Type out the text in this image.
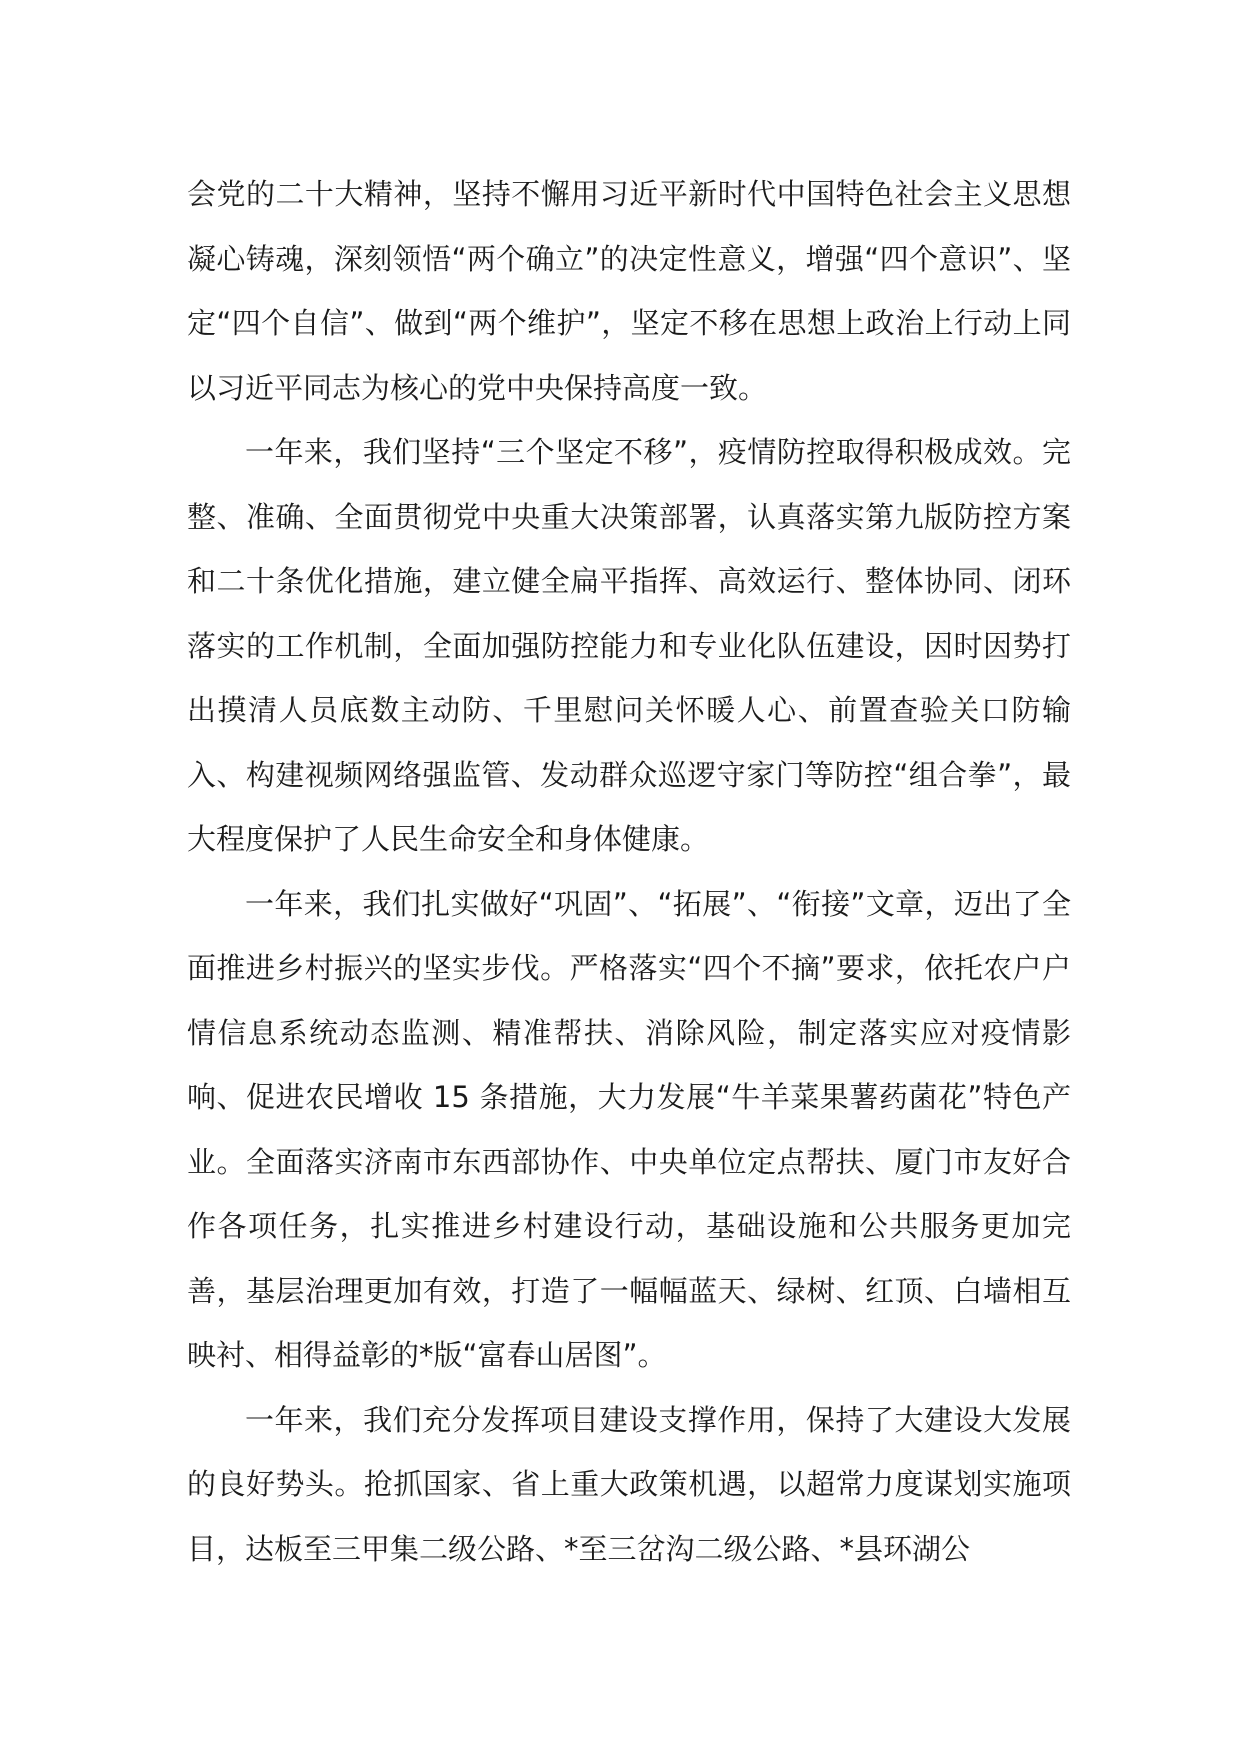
会党的二十大精神，坚持不懈用习近平新时代中国特色社会主义思想凝心铸魂，深刻领悟“两个确立”的决定性意义，增强“四个意识”、坚定“四个自信”、做到“两个维护”，坚定不移在思想上政治上行动上同以习近平同志为核心的党中央保持高度一致。

一年来，我们坚持“三个坚定不移”，疫情防控取得积极成效。完整、准确、全面贯彻党中央重大决策部署，认真落实第九版防控方案和二十条优化措施，建立健全扁平指挥、高效运行、整体协同、闭环落实的工作机制，全面加强防控能力和专业化队伍建设，因时因势打出摸清人员底数主动防、千里慰问关怀暖人心、前置查验关口防输入、构建视频网络强监管、发动群众巡逻守家门等防控“组合拳”，最大程度保护了人民生命安全和身体健康。

一年来，我们扎实做好“巩固”、“拓展”、“衔接”文章，迈出了全面推进乡村振兴的坚实步伐。严格落实“四个不摘”要求，依托农户户情信息系统动态监测、精准帮扶、消除风险，制定落实应对疫情影响、促进农民增收 15 条措施，大力发展“牛羊菜果薯药菌花”特色产业。全面落实济南市东西部协作、中央单位定点帮扶、厦门市友好合作各项任务，扎实推进乡村建设行动，基础设施和公共服务更加完善，基层治理更加有效，打造了一幅幅蓝天、绿树、红顶、白墙相互映衬、相得益彰的*版“富春山居图”。

一年来，我们充分发挥项目建设支撑作用，保持了大建设大发展的良好势头。抢抓国家、省上重大政策机遇，以超常力度谋划实施项目，达板至三甲集二级公路、*至三岔沟二级公路、*县环湖公
